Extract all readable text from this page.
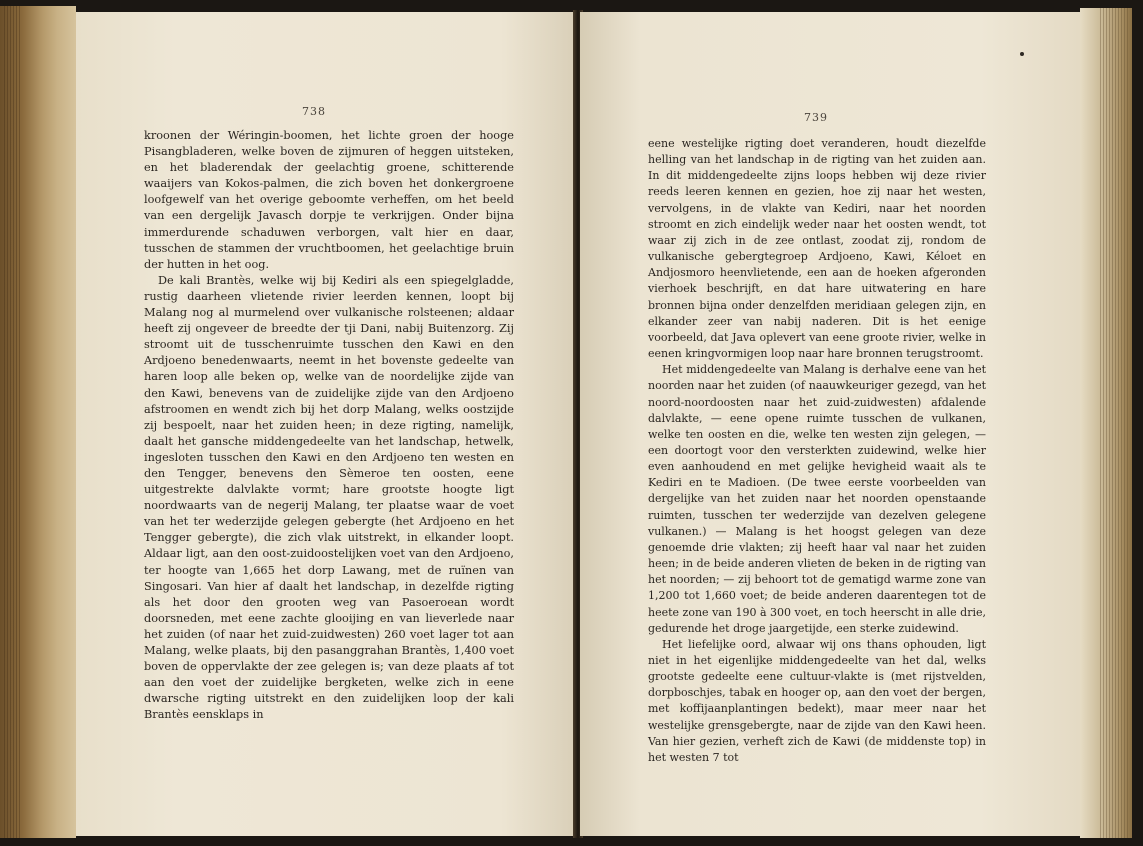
738

kroonen der Wéringin-boomen, het lichte groen der hooge Pisangbladeren, welke boven de zijmuren of heggen uitsteken, en het bladerendak der geelachtig groene, schitterende waaijers van Kokos-palmen, die zich boven het donkergroene loofgewelf van het overige geboomte verheffen, om het beeld van een dergelijk Javasch dorpje te verkrijgen. Onder bijna immerdurende schaduwen verborgen, valt hier en daar, tusschen de stammen der vruchtboomen, het geelachtige bruin der hutten in het oog.

De kali Brantès, welke wij bij Kediri als een spiegelgladde, rustig daarheen vlietende rivier leerden kennen, loopt bij Malang nog al murmelend over vulkanische rolsteenen; aldaar heeft zij ongeveer de breedte der tji Dani, nabij Buitenzorg. Zij stroomt uit de tusschenruimte tusschen den Kawi en den Ardjoeno benedenwaarts, neemt in het bovenste gedeelte van haren loop alle beken op, welke van de noordelijke zijde van den Kawi, benevens van de zuidelijke zijde van den Ardjoeno afstroomen en wendt zich bij het dorp Malang, welks oostzijde zij bespoelt, naar het zuiden heen; in deze rigting, namelijk, daalt het gansche middengedeelte van het landschap, hetwelk, ingesloten tusschen den Kawi en den Ardjoeno ten westen en den Tengger, benevens den Sèmeroe ten oosten, eene uitgestrekte dalvlakte vormt; hare grootste hoogte ligt noordwaarts van de negerij Malang, ter plaatse waar de voet van het ter wederzijde gelegen gebergte (het Ardjoeno en het Tengger gebergte), die zich vlak uitstrekt, in elkander loopt. Aldaar ligt, aan den oost-zuidoostelijken voet van den Ardjoeno, ter hoogte van 1,665 het dorp Lawang, met de ruïnen van Singosari. Van hier af daalt het landschap, in dezelfde rigting als het door den grooten weg van Pasoeroean wordt doorsneden, met eene zachte glooijing en van lieverlede naar het zuiden (of naar het zuid-zuidwesten) 260 voet lager tot aan Malang, welke plaats, bij den pasanggrahan Brantès, 1,400 voet boven de oppervlakte der zee gelegen is; van deze plaats af tot aan den voet der zuidelijke bergketen, welke zich in eene dwarsche rigting uitstrekt en den zuidelijken loop der kali Brantès eensklaps in

739

eene westelijke rigting doet veranderen, houdt diezelfde helling van het landschap in de rigting van het zuiden aan. In dit middengedeelte zijns loops hebben wij deze rivier reeds leeren kennen en gezien, hoe zij naar het westen, vervolgens, in de vlakte van Kediri, naar het noorden stroomt en zich eindelijk weder naar het oosten wendt, tot waar zij zich in de zee ontlast, zoodat zij, rondom de vulkanische gebergtegroep Ardjoeno, Kawi, Kéloet en Andjosmoro heenvlietende, een aan de hoeken afgeronden vierhoek beschrijft, en dat hare uitwatering en hare bronnen bijna onder denzelfden meridiaan gelegen zijn, en elkander zeer van nabij naderen. Dit is het eenige voorbeeld, dat Java oplevert van eene groote rivier, welke in eenen kringvormigen loop naar hare bronnen terugstroomt.

Het middengedeelte van Malang is derhalve eene van het noorden naar het zuiden (of naauwkeuriger gezegd, van het noord-noordoosten naar het zuid-zuidwesten) afdalende dalvlakte, — eene opene ruimte tusschen de vulkanen, welke ten oosten en die, welke ten westen zijn gelegen, — een doortogt voor den versterkten zuidewind, welke hier even aanhoudend en met gelijke hevigheid waait als te Kediri en te Madioen. (De twee eerste voorbeelden van dergelijke van het zuiden naar het noorden openstaande ruimten, tusschen ter wederzijde van dezelven gelegene vulkanen.) — Malang is het hoogst gelegen van deze genoemde drie vlakten; zij heeft haar val naar het zuiden heen; in de beide anderen vlieten de beken in de rigting van het noorden; — zij behoort tot de gematigd warme zone van 1,200 tot 1,660 voet; de beide anderen daarentegen tot de heete zone van 190 à 300 voet, en toch heerscht in alle drie, gedurende het droge jaargetijde, een sterke zuidewind.

Het liefelijke oord, alwaar wij ons thans ophouden, ligt niet in het eigenlijke middengedeelte van het dal, welks grootste gedeelte eene cultuur-vlakte is (met rijstvelden, dorpboschjes, tabak en hooger op, aan den voet der bergen, met koffijaanplantingen bedekt), maar meer naar het westelijke grensgebergte, naar de zijde van den Kawi heen. Van hier gezien, verheft zich de Kawi (de middenste top) in het westen 7 tot
